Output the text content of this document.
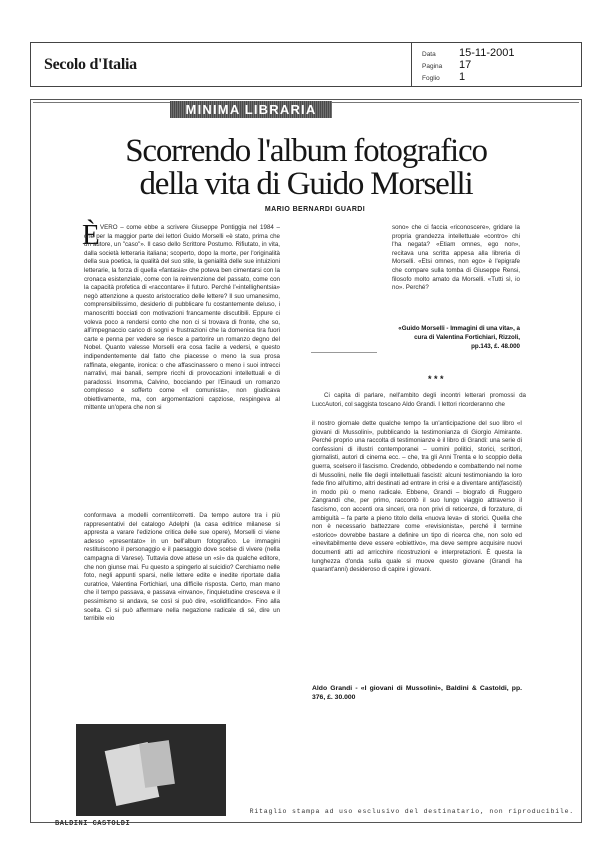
Secolo d'Italia
Data 15-11-2001
Pagina 17
Foglio 1
MINIMA LIBRARIA
Scorrendo l'album fotografico
della vita di Guido Morselli
MARIO BERNARDI GUARDI
È VERO – come ebbe a scrivere Giuseppe Pontiggia nel 1984 – che per la maggior parte dei lettori Guido Morselli «è stato, prima che un autore, un "caso"». Il caso dello Scrittore Postumo. Rifiutato, in vita, dalla società letteraria italiana; scoperto, dopo la morte, per l'originalità della sua poetica, la qualità del suo stile, la genialità delle sue intuizioni letterarie, la forza di quella «fantasia» che poteva ben cimentarsi con la cronaca esistenziale, come con la reinvenzione del passato, come con la capacità profetica di «raccontare» il futuro. Perché l'«intellighentsia» negò attenzione a questo aristocratico delle lettere? Il suo umanesimo, comprensibilissimo, desiderio di pubblicare fu costantemente deluso, i manoscritti bocciati con motivazioni francamente discutibili. Eppure ci voleva poco a rendersi conto che non ci si trovava di fronte, che so, all'impegnaccio carico di sogni e frustrazioni che la domenica tira fuori carte e penna per vedere se riesce a partorire un romanzo degno del Nobel. Quanto valesse Morselli era cosa facile a vedersi, e questo indipendentemente dal fatto che piacesse o meno la sua prosa raffinata, elegante, ironica: o che affascinassero o meno i suoi intrecci narrativi, mai banali, sempre ricchi di provocazioni intellettuali e di paradossi. Insomma, Calvino, bocciando per l'Einaudi un romanzo complesso e sofferto come «Il comunista», non giudicava obiettivamente, ma, con argomentazioni capziose, respingeva al mittente un'opera che non si

conformava a modelli correnti/corretti. Da tempo autore tra i più rappresentativi del catalogo Adelphi (la casa editrice milanese si appresta a varare l'edizione critica delle sue opere), Morselli ci viene adesso «presentato» in un bell'album fotografico. Le immagini restituiscono il personaggio e il paesaggio dove scelse di vivere (nella campagna di Varese). Tuttavia dove attese un «sì» da qualche editore, che non giunse mai. Fu questo a spingerlo al suicidio? Cerchiamo nelle foto, negli appunti sparsi, nelle lettere edite e inedite riportate dalla curatrice, Valentina Fortichiari, una difficile risposta. Certo, man mano che il tempo passava, e passava «invano», l'inquietudine cresceva e il pessimismo si andava, se così si può dire, «solidificando». Fino alla scelta. Ci si può affermare nella negazione radicale di sé, dire un terribile «io

sono» che ci faccia «riconoscere», gridare la propria grandezza intellettuale «contro» chi l'ha negata? «Etiam omnes, ego non», recitava una scritta appesa alla libreria di Morselli. «Etsi omnes, non ego» è l'epigrafe che compare sulla tomba di Giuseppe Rensi, filosofo molto amato da Morselli. «Tutti sì, io no». Perché?

«Guido Morselli - Immagini di una vita», a cura di Valentina Fortichiari, Rizzoli, pp.143, £. 48.000
* * *

Ci capita di parlare, nell'ambito degli incontri letterari promossi da LuccAutori, col saggista toscano Aldo Grandi. I lettori ricorderanno che

il nostro giornale dette qualche tempo fa un'anticipazione del suo libro «I giovani di Mussolini», pubblicando la testimonianza di Giorgio Almirante. Perché proprio una raccolta di testimonianze è il libro di Grandi: una serie di confessioni di illustri contemporanei – uomini politici, storici, scrittori, giornalisti, autori di cinema ecc. – che, tra gli Anni Trenta e lo scoppio della guerra, scelsero il fascismo. Credendo, obbedendo e combattendo nel nome di Mussolini, nelle file degli intellettuali fascisti: alcuni testimoniando la loro fede fino all'ultimo, altri destinati ad entrare in crisi e a diventare anti(fascisti) in modo più o meno radicale. Ebbene, Grandi – biografo di Ruggero Zangrandi che, per primo, raccontò il suo lungo viaggio attraverso il fascismo, con accenti ora sinceri, ora non privi di reticenze, di forzature, di ambiguità – fa parte a pieno titolo della «nuova leva» di storici. Quella che non è necessario battezzare come «revisionista», perché il termine «storico» dovrebbe bastare a definire un tipo di ricerca che, non solo ed «inevitabilmente deve essere «obiettivo», ma deve sempre acquisire nuovi documenti atti ad arricchire ricostruzioni e interpretazioni. È questa la lunghezza d'onda sulla quale si muove questo giovane (Grandi ha quarant'anni) desideroso di capire i giovani.

Aldo Grandi - «I giovani di Mussolini», Baldini & Castoldi, pp. 376, £. 30.000
Ritaglio stampa ad uso esclusivo del destinatario, non riproducibile.
BALDINI CASTOLDI
